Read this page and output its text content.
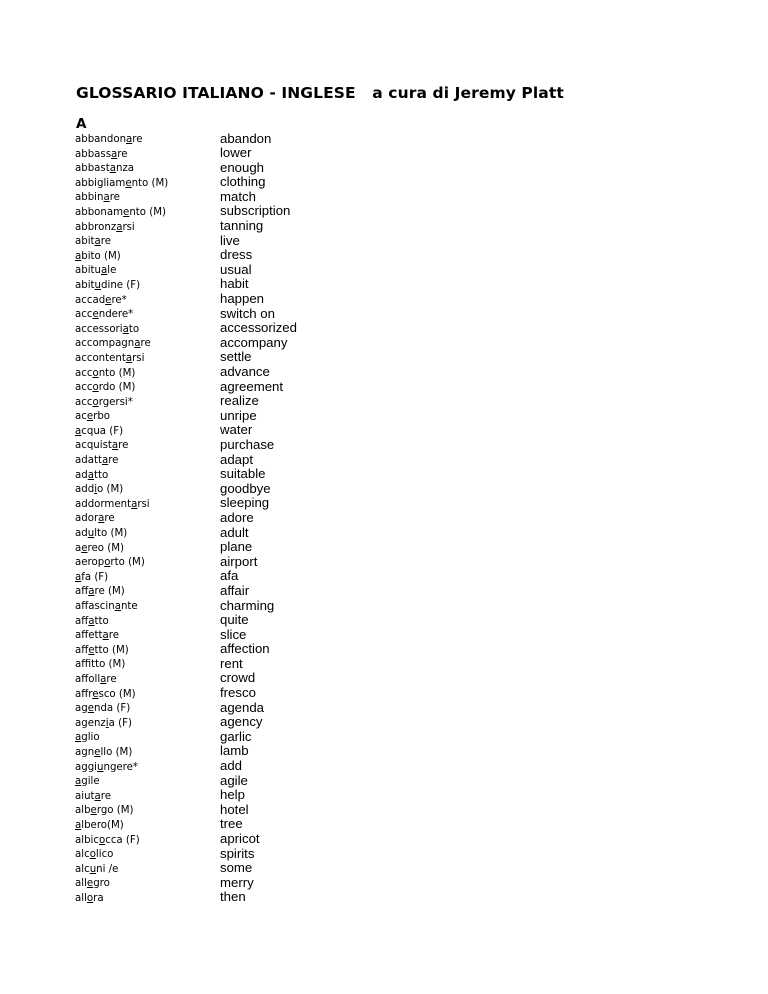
GLOSSARIO ITALIANO - INGLESE   a cura di Jeremy Platt
A
abbandonare
abbassare
abbastanza
abbigliamento (M)
abbinare
abbonamento (M)
abbronzarsi
abitare
abito (M)
abituale
abitudine (F)
accadere*
accendere*
accessoriato
accompagnare
accontentarsi
acconto (M)
accordo (M)
accorgersi*
acerbo
acqua (F)
acquistare
adattare
adatto
addio (M)
addormentarsi
adorare
adulto (M)
aereo (M)
aeroporto (M)
afa (F)
affare (M)
affascinante
affatto
affettare
affetto (M)
afftto (M)
affollare
affresco (M)
agenda (F)
agenzia (F)
aglio
agnello (M)
aggiungere*
agile
aiutare
albergo (M)
albero(M)
albicocca (F)
alcolico
alcuni /e
allegro
allora
abandon
lower
enough
clothing
match
subscription
tanning
live
dress
usual
habit
happen
switch on
accessorized
accompany
settle
advance
agreement
realize
unripe
water
purchase
adapt
suitable
goodbye
sleeping
adore
adult
plane
airport
afa
affair
charming
quite
slice
affection
rent
crowd
fresco
agenda
agency
garlic
lamb
add
agile
help
hotel
tree
apricot
spirits
some
merry
then
